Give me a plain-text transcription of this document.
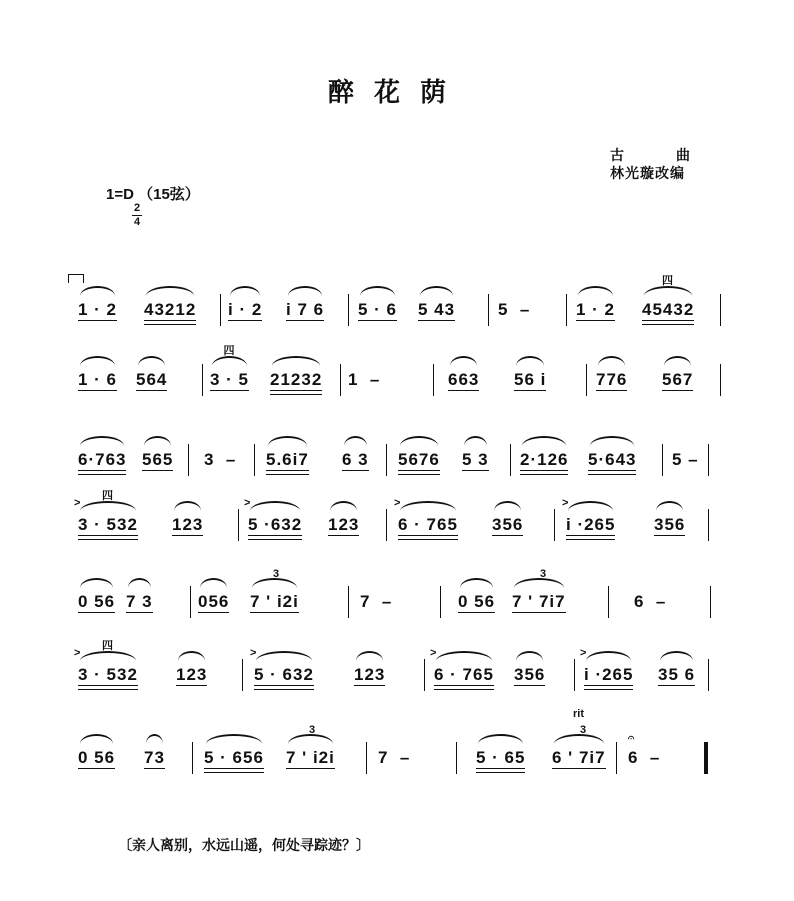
醉花荫
古曲
林光璇改编
1=D （15弦）
2
4
1 · 2 43212 i · 2 i 7 6 5 · 6 5 43	5  –	1 · 2 45432
四
1 · 6 564	3 · 5 21232
四
1  –	663 56 i	776 567
6·763 565 3  – 5.6i7 6 3 5676 5 3 2·126 5·643 5 –
3 · 532 123
四
>
5 ·632 123
>
6 · 765 356
>
i ·265 356
>
0 56 7 3	056 7 ' i2i
3
7  –	0 56 7 ' 7i7
3
6  –
3 · 532 123
四
>
5 · 632 123
>
6 · 765 356
>
i ·265 35 6
>
0 56 73 5 · 656 7 ' i2i
3
7  –	5 · 65 6 ' 7i7
3
rit
6  –
𝄐
〔亲人离别，水远山遥，何处寻踪迹？〕
